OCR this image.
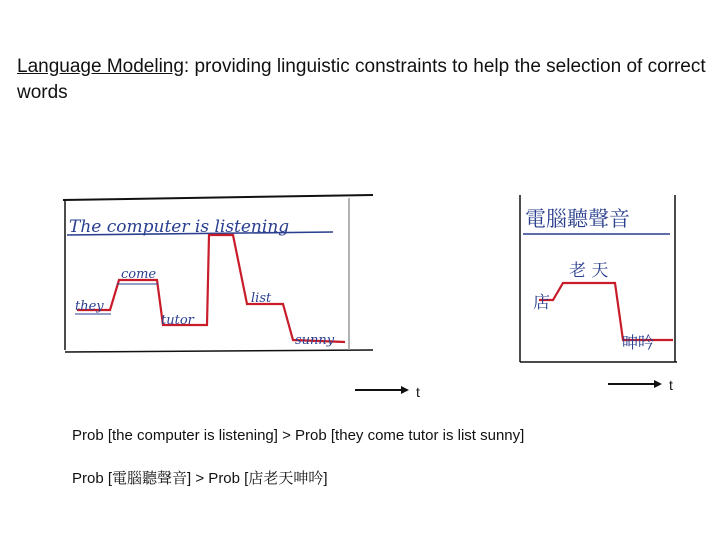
Language Modeling: providing linguistic constraints to help the selection of correct words
The computer is listening
they
come
tutor
list
sunny
電腦聽聲音
老 天
店
呻吟
t	t
Prob [the computer is listening] > Prob [they come tutor is list sunny]
Prob [電腦聽聲音] > Prob [店老天呻吟]
